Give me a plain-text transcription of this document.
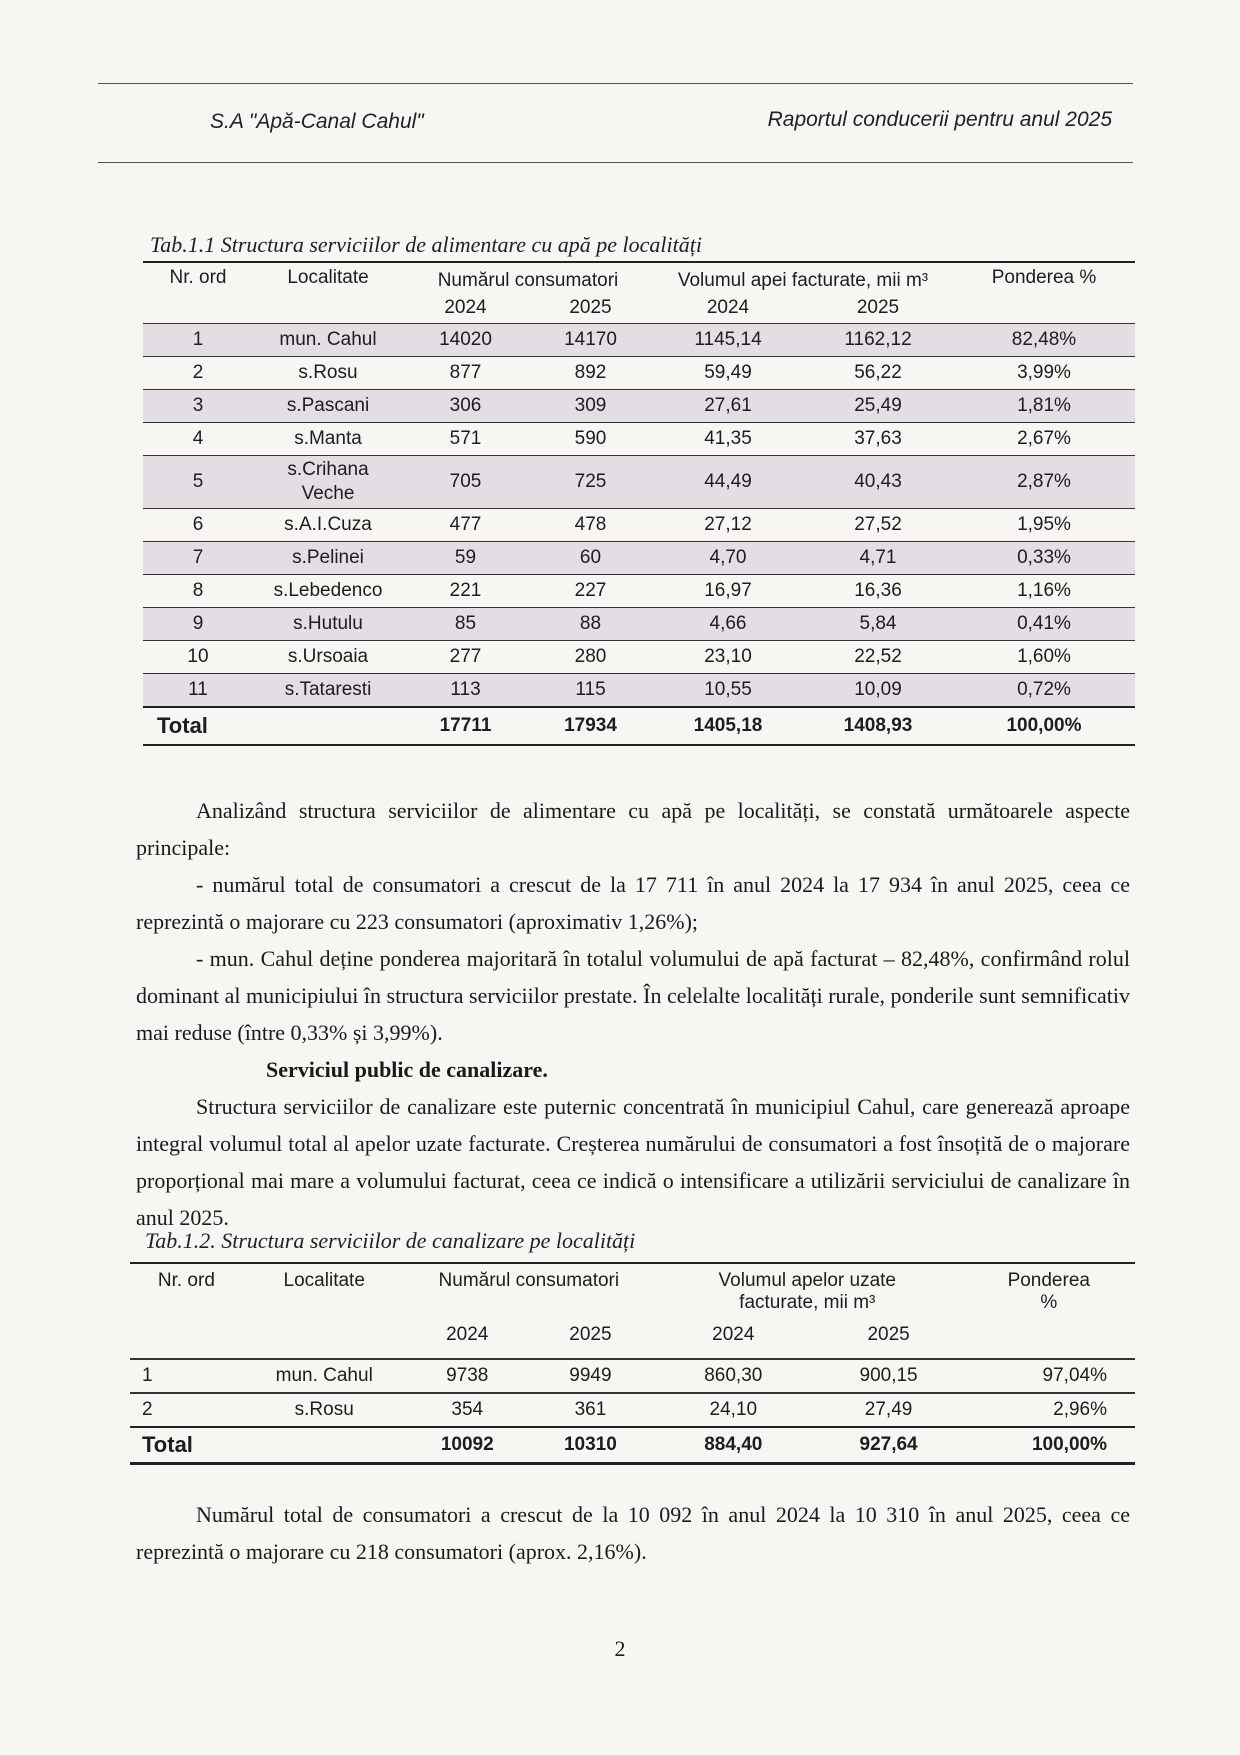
S.A "Apă-Canal Cahul"	Raportul conducerii pentru anul 2025
Tab.1.1 Structura serviciilor de alimentare cu apă pe localități
Nr. ord	Localitate	Numărul consumatori		Volumul apei facturate, mii m³		Ponderea %
		2024	2025	2024	2025	
1	mun. Cahul	14020	14170	1145,14	1162,12	82,48%
2	s.Rosu	877	892	59,49	56,22	3,99%
3	s.Pascani	306	309	27,61	25,49	1,81%
4	s.Manta	571	590	41,35	37,63	2,67%
5	s.Crihana Veche	705	725	44,49	40,43	2,87%
6	s.A.I.Cuza	477	478	27,12	27,52	1,95%
7	s.Pelinei	59	60	4,70	4,71	0,33%
8	s.Lebedenco	221	227	16,97	16,36	1,16%
9	s.Hutulu	85	88	4,66	5,84	0,41%
10	s.Ursoaia	277	280	23,10	22,52	1,60%
11	s.Tataresti	113	115	10,55	10,09	0,72%
Total		17711	17934	1405,18	1408,93	100,00%

Analizând structura serviciilor de alimentare cu apă pe localități, se constată următoarele aspecte principale:

- numărul total de consumatori a crescut de la 17 711 în anul 2024 la 17 934 în anul 2025, ceea ce reprezintă o majorare cu 223 consumatori (aproximativ 1,26%);

- mun. Cahul deține ponderea majoritară în totalul volumului de apă facturat – 82,48%, confirmând rolul dominant al municipiului în structura serviciilor prestate. În celelalte localități rurale, ponderile sunt semnificativ mai reduse (între 0,33% și 3,99%).

Serviciul public de canalizare.

Structura serviciilor de canalizare este puternic concentrată în municipiul Cahul, care generează aproape integral volumul total al apelor uzate facturate. Creșterea numărului de consumatori a fost însoțită de o majorare proporțional mai mare a volumului facturat, ceea ce indică o intensificare a utilizării serviciului de canalizare în anul 2025.

Tab.1.2. Structura serviciilor de canalizare pe localități
Nr. ord	Localitate	Numărul consumatori		Volumul apelor uzate facturate, mii m³		Ponderea %
		2024	2025	2024	2025	
1	mun. Cahul	9738	9949	860,30	900,15	97,04%
2	s.Rosu	354	361	24,10	27,49	2,96%
Total		10092	10310	884,40	927,64	100,00%

Numărul total de consumatori a crescut de la 10 092 în anul 2024 la 10 310 în anul 2025, ceea ce reprezintă o majorare cu 218 consumatori (aprox. 2,16%).

2
